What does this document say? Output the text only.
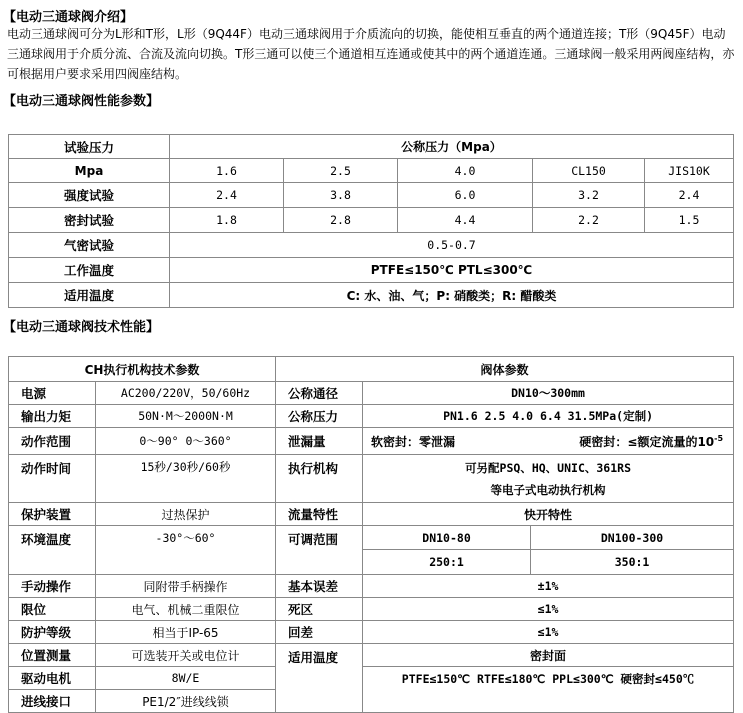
【电动三通球阀介绍】

电动三通球阀可分为L形和T形，L形（9Q44F）电动三通球阀用于介质流向的切换，能使相互垂直的两个通道连接；T形（9Q45F）电动三通球阀用于介质分流、合流及流向切换。T形三通可以使三个通道相互连通或使其中的两个通道连通。三通球阀一般采用两阀座结构，亦可根据用户要求采用四阀座结构。

【电动三通球阀性能参数】
试验压力	公称压力（Mpa）				
Mpa	1.6	2.5	4.0	CL150	JIS10K
强度试验	2.4	3.8	6.0	3.2	2.4
密封试验	1.8	2.8	4.4	2.2	1.5
气密试验	0.5-0.7				
工作温度	PTFE≤150℃ PTL≤300℃				
适用温度	C: 水、油、气；P: 硝酸类；R: 醋酸类				
【电动三通球阀技术性能】
CH执行机构技术参数		阀体参数		
电源	AC200/220V，50/60Hz	公称通径	DN10～300mm	
输出力矩	50N·M～2000N·M	公称压力	PN1.6 2.5 4.0 6.4 31.5MPa(定制)	
动作范围	0～90° 0～360°	泄漏量	软密封：零泄漏 硬密封：≤额定流量的$10^{-5}$

动作时间	15秒/30秒/60秒	执行机构	可另配PSQ、HQ、UNIC、361RS
等电子式电动执行机构	

保护装置	过热保护	流量特性	快开特性	
环境温度	-30°～60°	可调范围	DN10-80	DN100-300
			250:1	350:1
手动操作	同附带手柄操作	基本误差	±1%	
限位	电气、机械二重限位	死区	≤1%	
防护等级	相当于IP-65	回差	≤1%	
位置测量	可选装开关或电位计	适用温度	密封面	
驱动电机	8W/E		PTFE≤150℃ RTFE≤180℃ PPL≤300℃ 硬密封≤450℃	
进线接口	PE1/2″进线线锁			
